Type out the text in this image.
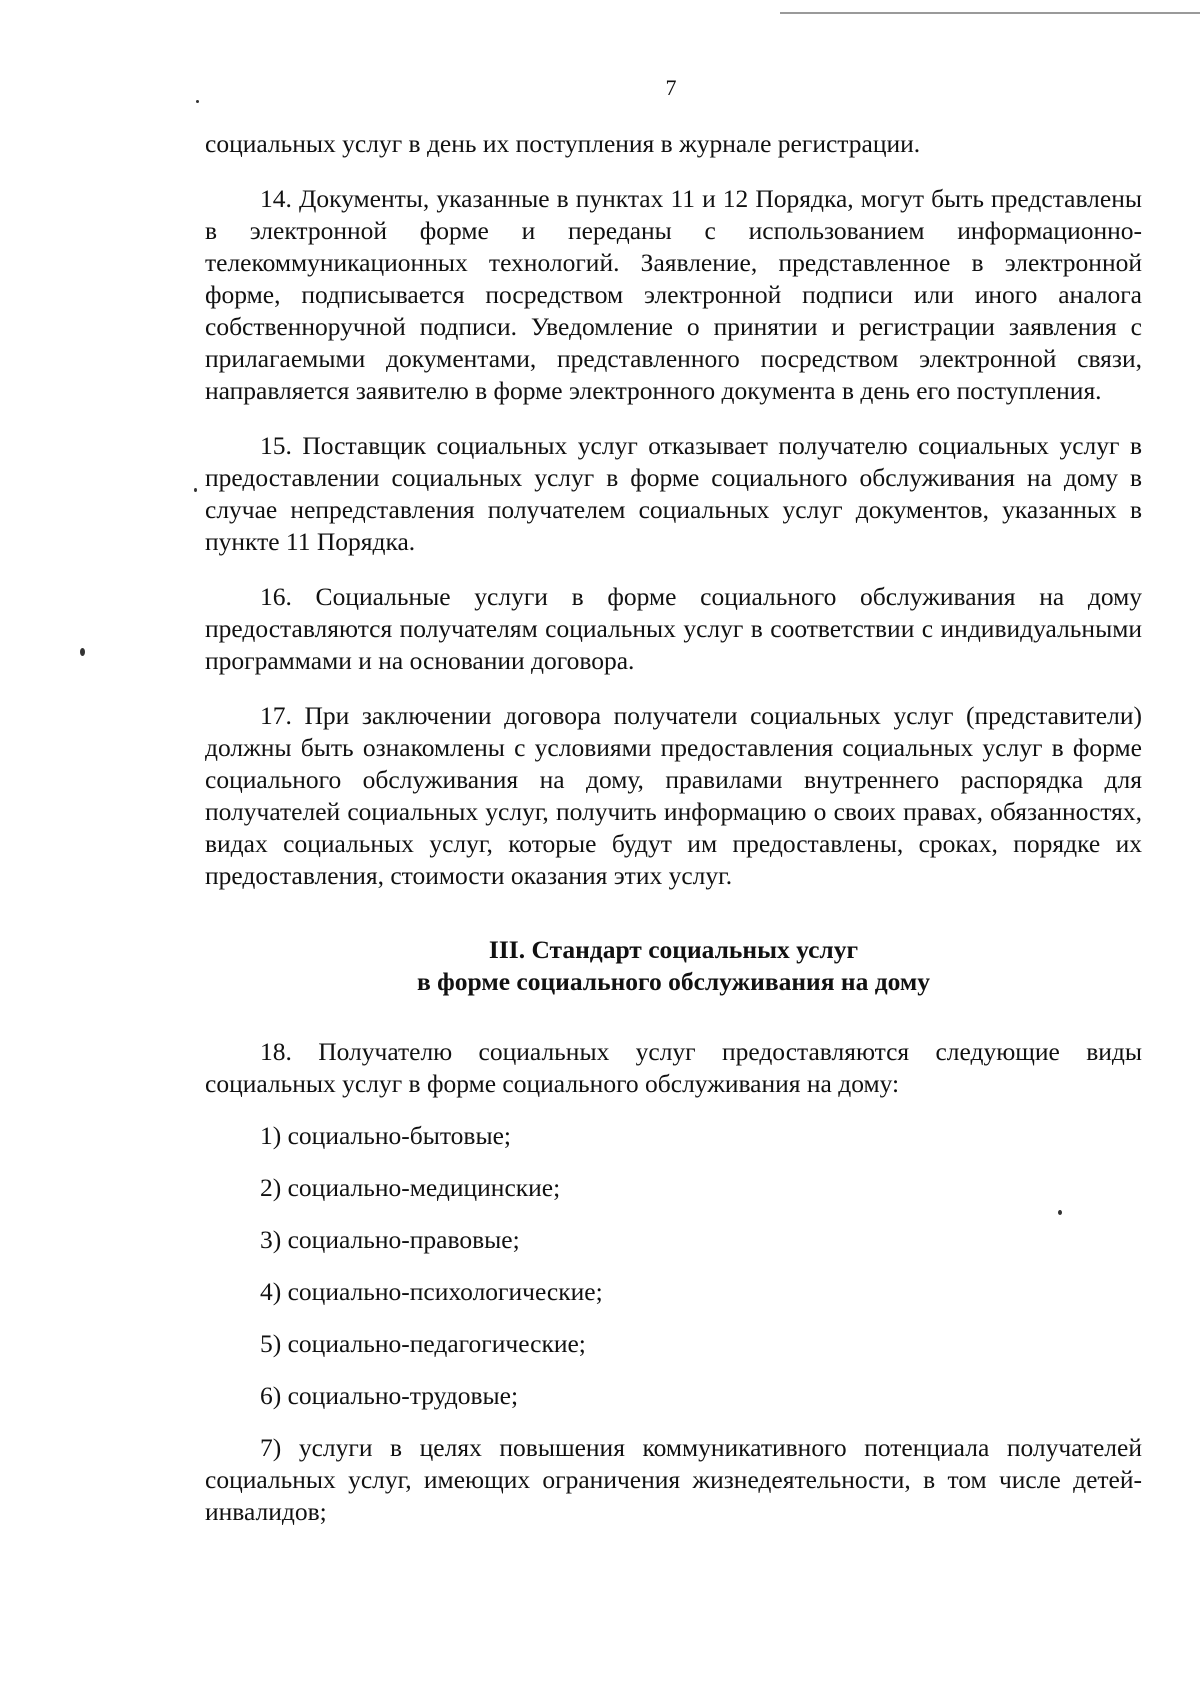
7

социальных услуг в день их поступления в журнале регистрации.

14. Документы, указанные в пунктах 11 и 12 Порядка, могут быть представлены в электронной форме и переданы с использованием информационно-телекоммуникационных технологий. Заявление, представленное в электронной форме, подписывается посредством электронной подписи или иного аналога собственноручной подписи. Уведомление о принятии и регистрации заявления с прилагаемыми документами, представленного посредством электронной связи, направляется заявителю в форме электронного документа в день его поступления.

15. Поставщик социальных услуг отказывает получателю социальных услуг в предоставлении социальных услуг в форме социального обслуживания на дому в случае непредставления получателем социальных услуг документов, указанных в пункте 11 Порядка.

16. Социальные услуги в форме социального обслуживания на дому предоставляются получателям социальных услуг в соответствии с индивидуальными программами и на основании договора.

17. При заключении договора получатели социальных услуг (представители) должны быть ознакомлены с условиями предоставления социальных услуг в форме социального обслуживания на дому, правилами внутреннего распорядка для получателей социальных услуг, получить информацию о своих правах, обязанностях, видах социальных услуг, которые будут им предоставлены, сроках, порядке их предоставления, стоимости оказания этих услуг.

III. Стандарт социальных услуг
в форме социального обслуживания на дому

18. Получателю социальных услуг предоставляются следующие виды социальных услуг в форме социального обслуживания на дому:

1) социально-бытовые;

2) социально-медицинские;

3) социально-правовые;

4) социально-психологические;

5) социально-педагогические;

6) социально-трудовые;

7) услуги в целях повышения коммуникативного потенциала получателей социальных услуг, имеющих ограничения жизнедеятельности, в том числе детей-инвалидов;
